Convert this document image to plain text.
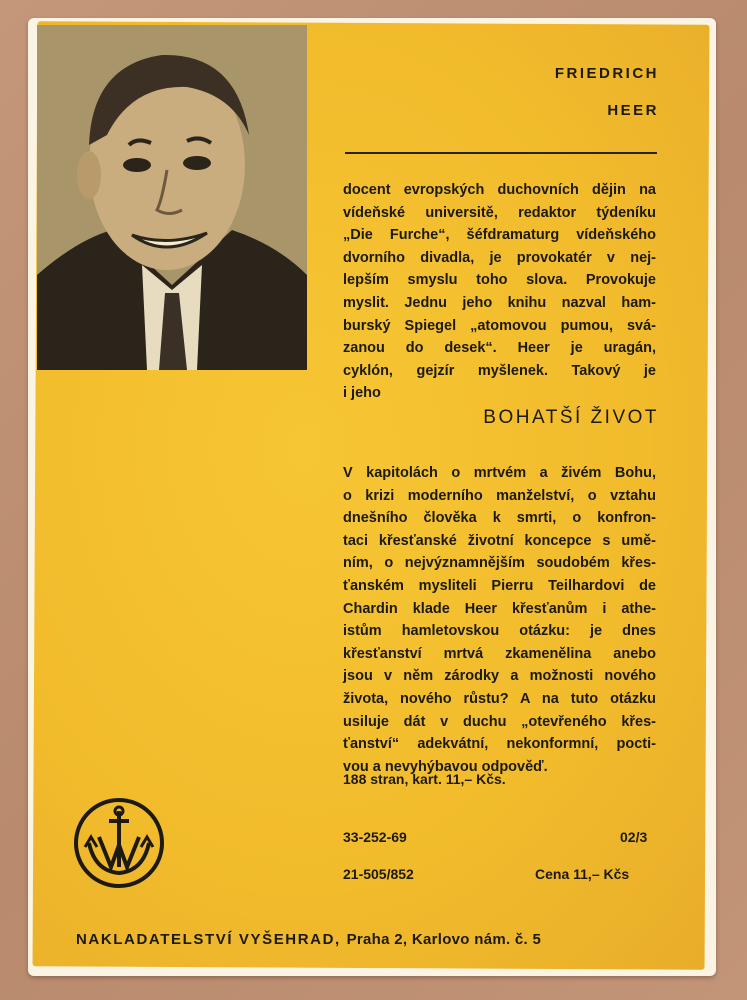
FRIEDRICH
HEER
docent evropských duchovních dějin na
vídeňské universitě, redaktor týdeníku
„Die Furche“, šéfdramaturg vídeňského
dvorního divadla, je provokatér v nej-
lepším smyslu toho slova. Provokuje
myslit. Jednu jeho knihu nazval ham-
burský Spiegel „atomovou pumou, svá-
zanou do desek“. Heer je uragán,
cyklón, gejzír myšlenek. Takový je
i jeho
BOHATŠÍ ŽIVOT
V kapitolách o mrtvém a živém Bohu,
o krizi moderního manželství, o vztahu
dnešního člověka k smrti, o konfron-
taci křesťanské životní koncepce s umě-
ním, o nejvýznamnějším soudobém křes-
ťanském mysliteli Pierru Teilhardovi de
Chardin klade Heer křesťanům i athe-
istům hamletovskou otázku: je dnes
křesťanství mrtvá zkamenělina anebo
jsou v něm zárodky a možnosti nového
života, nového růstu? A na tuto otázku
usiluje dát v duchu „otevřeného křes-
ťanství“ adekvátní, nekonformní, pocti-
vou a nevyhýbavou odpověď.
188 stran, kart. 11,– Kčs.
33-252-69	02/3
21-505/852	Cena 11,– Kčs
NAKLADATELSTVÍ VYŠEHRAD, Praha 2, Karlovo nám. č. 5
